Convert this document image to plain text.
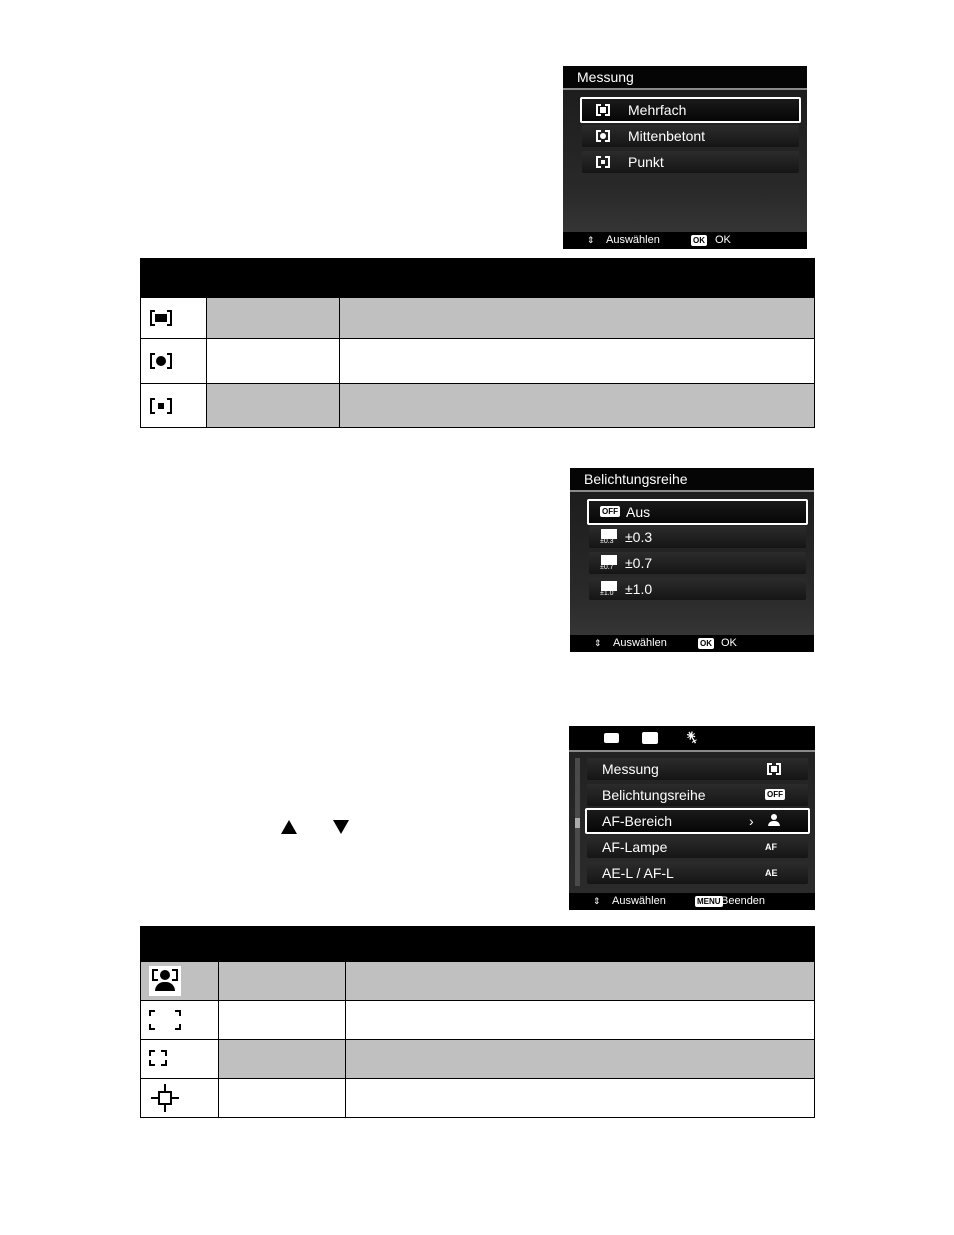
Messung
Mehrfach
Mittenbetont
Punkt
⇕ Auswählen	OK OK

Belichtungsreihe
OFF Aus
±0.3 ±0.3
±0.7 ±0.7
±1.0 ±1.0
⇕ Auswählen	OK OK
⚵
Messung
Belichtungsreihe	OFF
AF-Bereich	›
AF-Lampe	AF
AE-L / AF-L	AE
⇕ Auswählen	MENU Beenden
